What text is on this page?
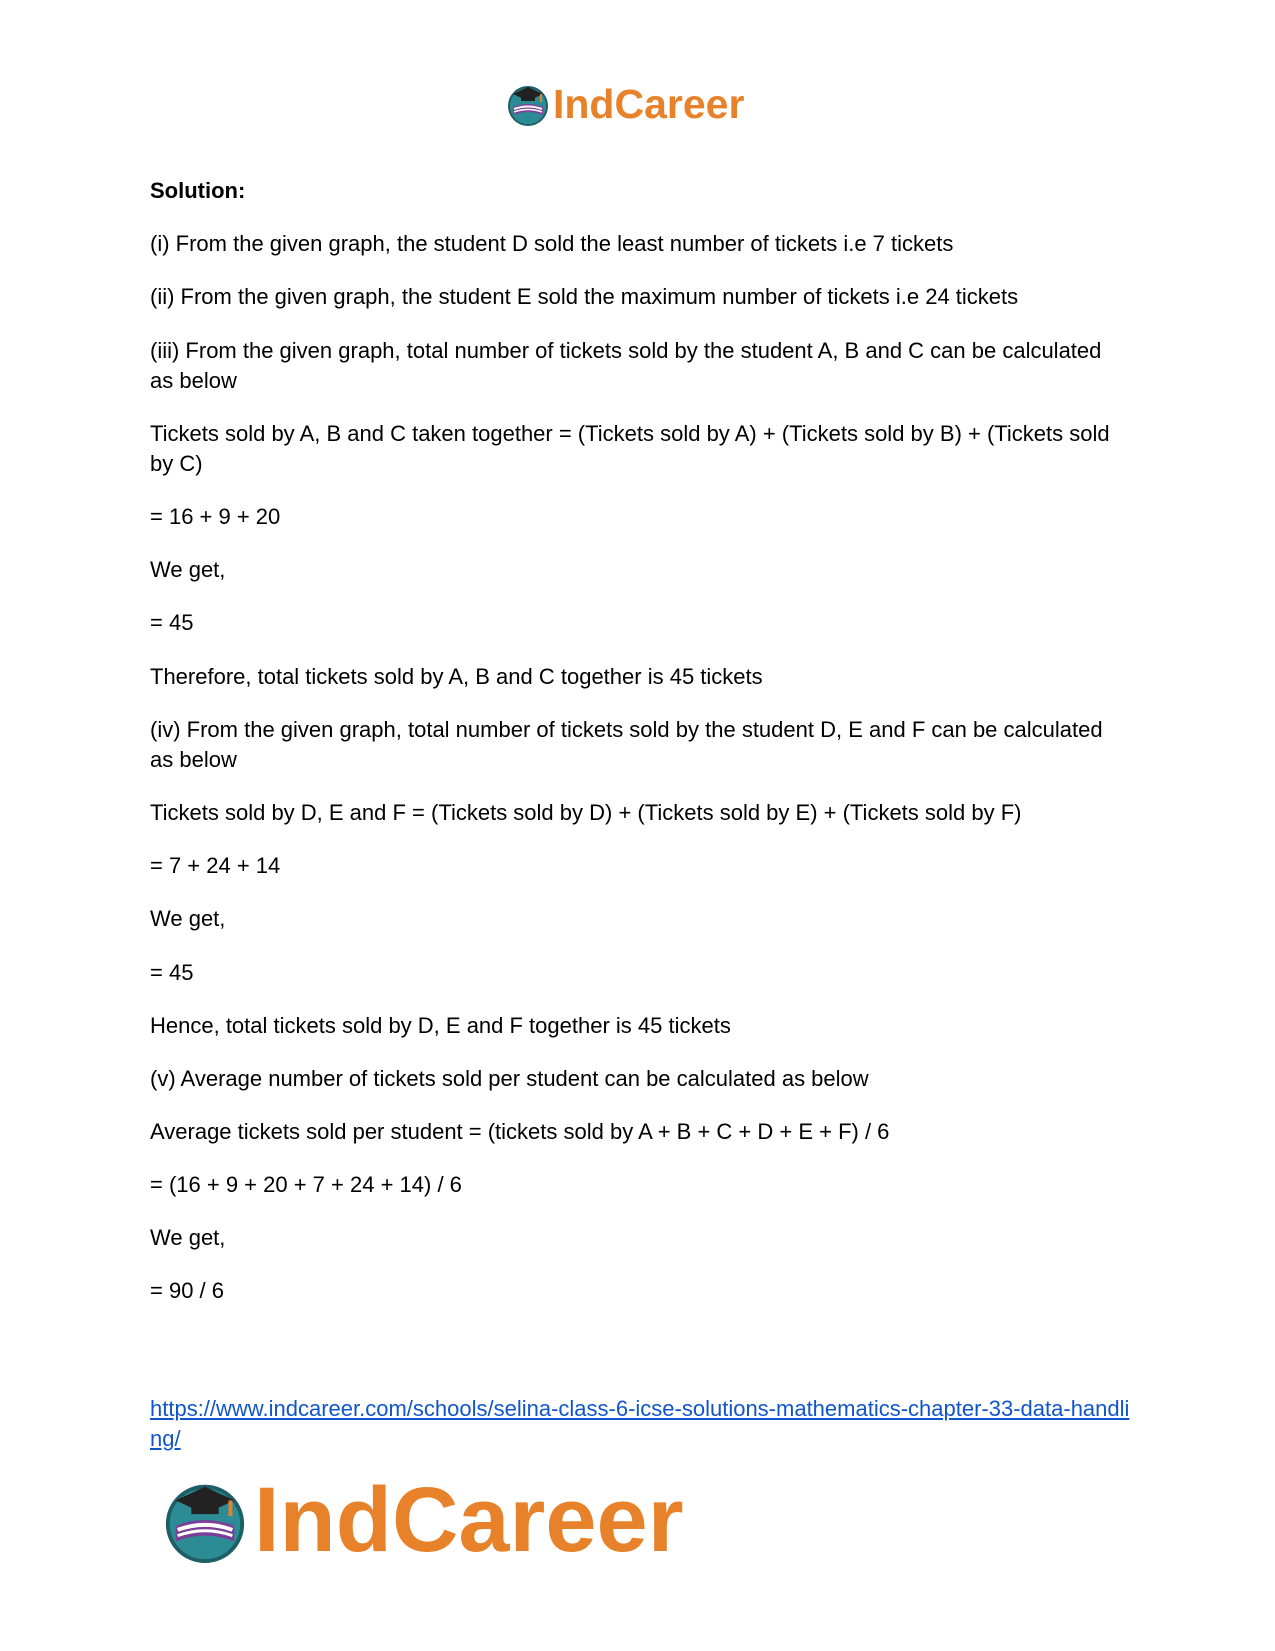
IndCareer

Solution:

(i) From the given graph, the student D sold the least number of tickets i.e 7 tickets

(ii) From the given graph, the student E sold the maximum number of tickets i.e 24 tickets

(iii) From the given graph, total number of tickets sold by the student A, B and C can be calculated as below

Tickets sold by A, B and C taken together = (Tickets sold by A) + (Tickets sold by B) + (Tickets sold by C)

= 16 + 9 + 20

We get,

= 45

Therefore, total tickets sold by A, B and C together is 45 tickets

(iv) From the given graph, total number of tickets sold by the student D, E and F can be calculated as below

Tickets sold by D, E and F = (Tickets sold by D) + (Tickets sold by E) + (Tickets sold by F)

= 7 + 24 + 14

We get,

= 45

Hence, total tickets sold by D, E and F together is 45 tickets

(v) Average number of tickets sold per student can be calculated as below

Average tickets sold per student = (tickets sold by A + B + C + D + E + F) / 6

= (16 + 9 + 20 + 7 + 24 + 14) / 6

We get,

= 90 / 6

https://www.indcareer.com/schools/selina-class-6-icse-solutions-mathematics-chapter-33-data-handling/
IndCareer
